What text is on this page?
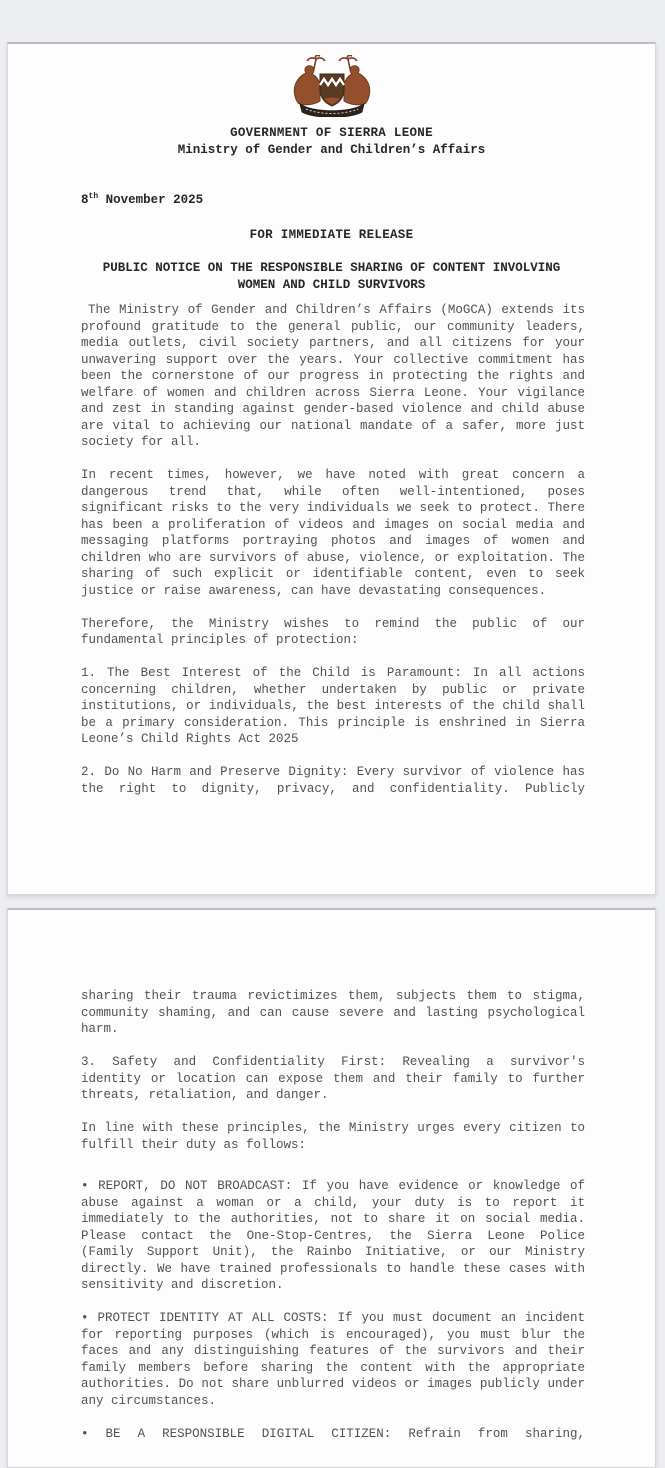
GOVERNMENT OF SIERRA LEONE
Ministry of Gender and Children’s Affairs
8th November 2025
FOR IMMEDIATE RELEASE
PUBLIC NOTICE ON THE RESPONSIBLE SHARING OF CONTENT INVOLVING
WOMEN AND CHILD SURVIVORS

The Ministry of Gender and Children’s Affairs (MoGCA) extends its profound gratitude to the general public, our community leaders, media outlets, civil society partners, and all citizens for your unwavering support over the years. Your collective commitment has been the cornerstone of our progress in protecting the rights and welfare of women and children across Sierra Leone. Your vigilance and zest in standing against gender-based violence and child abuse are vital to achieving our national mandate of a safer, more just society for all.

In recent times, however, we have noted with great concern a dangerous trend that, while often well-intentioned, poses significant risks to the very individuals we seek to protect. There has been a proliferation of videos and images on social media and messaging platforms portraying photos and images of women and children who are survivors of abuse, violence, or exploitation. The sharing of such explicit or identifiable content, even to seek justice or raise awareness, can have devastating consequences.

Therefore, the Ministry wishes to remind the public of our fundamental principles of protection:

1. The Best Interest of the Child is Paramount: In all actions concerning children, whether undertaken by public or private institutions, or individuals, the best interests of the child shall be a primary consideration. This principle is enshrined in Sierra Leone’s Child Rights Act 2025

2. Do No Harm and Preserve Dignity: Every survivor of violence has the right to dignity, privacy, and confidentiality. Publicly

sharing their trauma revictimizes them, subjects them to stigma, community shaming, and can cause severe and lasting psychological harm.

3. Safety and Confidentiality First: Revealing a survivor's identity or location can expose them and their family to further threats, retaliation, and danger.

In line with these principles, the Ministry urges every citizen to fulfill their duty as follows:

• REPORT, DO NOT BROADCAST: If you have evidence or knowledge of abuse against a woman or a child, your duty is to report it immediately to the authorities, not to share it on social media. Please contact the One-Stop-Centres, the Sierra Leone Police (Family Support Unit), the Rainbo Initiative, or our Ministry directly. We have trained professionals to handle these cases with sensitivity and discretion.

• PROTECT IDENTITY AT ALL COSTS: If you must document an incident for reporting purposes (which is encouraged), you must blur the faces and any distinguishing features of the survivors and their family members before sharing the content with the appropriate authorities. Do not share unblurred videos or images publicly under any circumstances.

• BE A RESPONSIBLE DIGITAL CITIZEN: Refrain from sharing,
